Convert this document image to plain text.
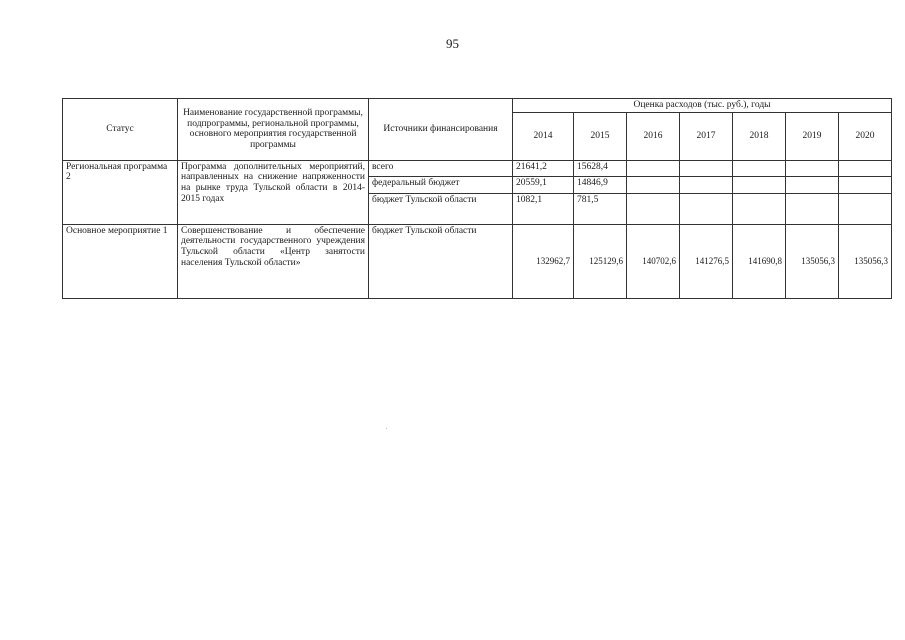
95
Статус	Наименование государственной программы, подпрограммы, региональной программы, основного мероприятия государственной программы	Источники финансирования	Оценка расходов (тыс. руб.), годы						
			2014	2015	2016	2017	2018	2019	2020
Региональная программа 2	Программа дополнительных мероприятий, направленных на снижение напряженности на рынке труда Тульской области в 2014-2015 годах	всего	21641,2	15628,4					
		федеральный бюджет	20559,1	14846,9					
		бюджет Тульской области	1082,1	781,5					
Основное мероприятие 1	Совершенствование и обеспечение деятельности государственного учреждения Тульской области «Центр занятости населения Тульской области»	бюджет Тульской области	132962,7	125129,6	140702,6	141276,5	141690,8	135056,3	135056,3
